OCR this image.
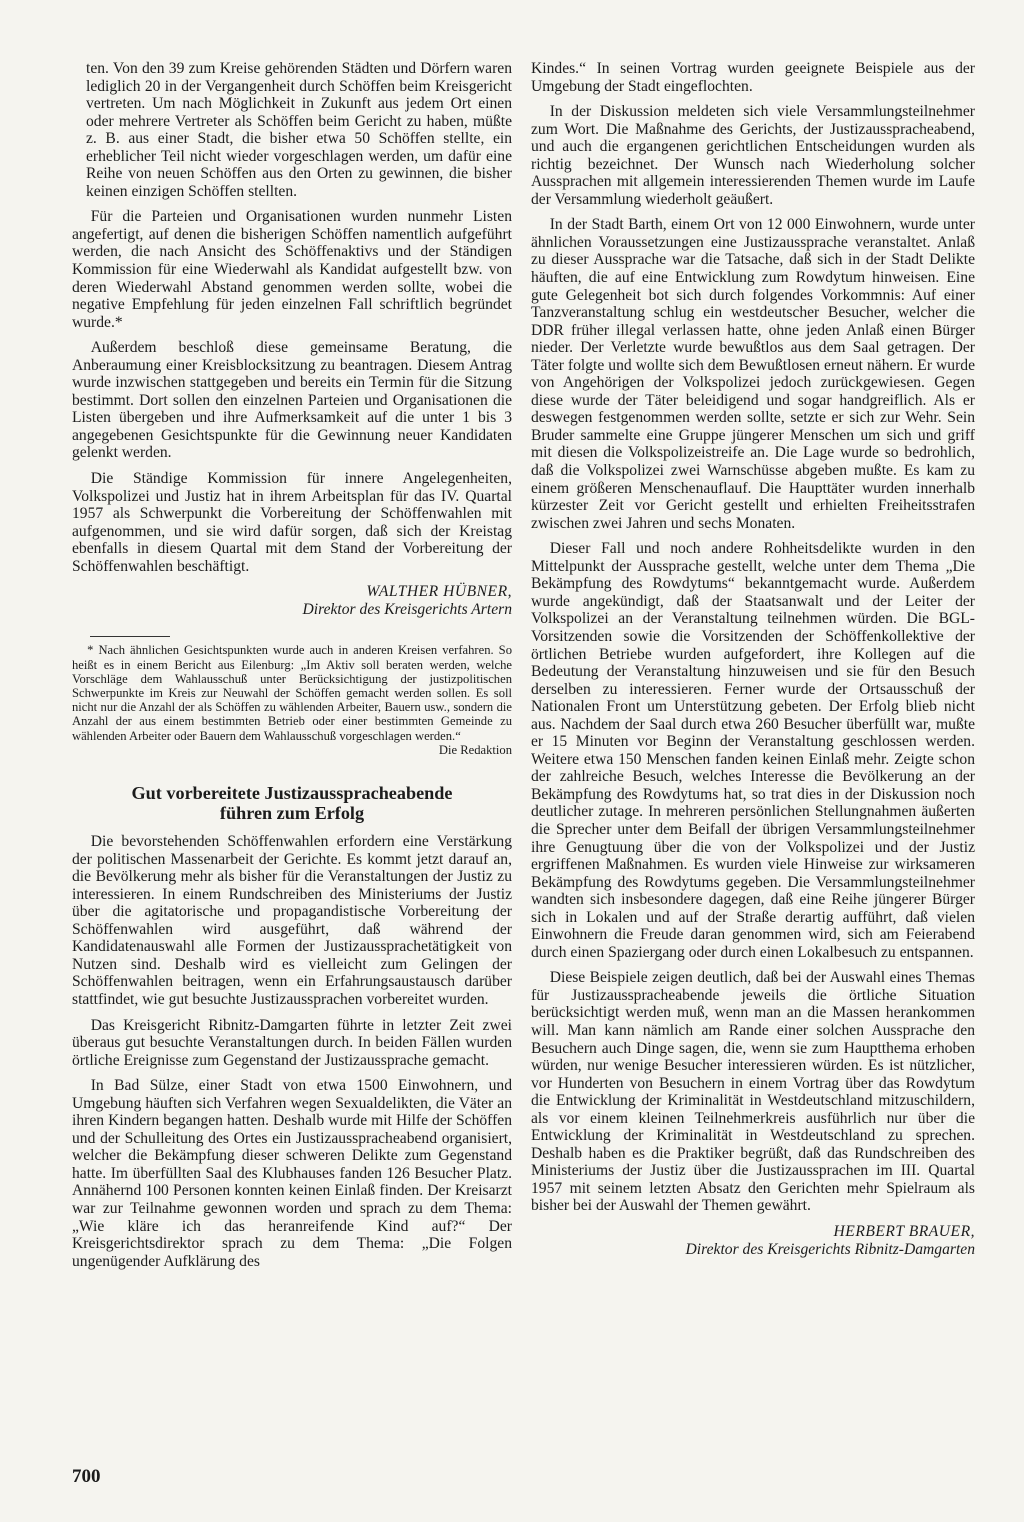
ten. Von den 39 zum Kreise gehörenden Städten und Dörfern waren lediglich 20 in der Vergangenheit durch Schöffen beim Kreisgericht vertreten. Um nach Möglichkeit in Zukunft aus jedem Ort einen oder mehrere Vertreter als Schöffen beim Gericht zu haben, müßte z. B. aus einer Stadt, die bisher etwa 50 Schöffen stellte, ein erheblicher Teil nicht wieder vorgeschlagen werden, um dafür eine Reihe von neuen Schöffen aus den Orten zu gewinnen, die bisher keinen einzigen Schöffen stellten.

Für die Parteien und Organisationen wurden nunmehr Listen angefertigt, auf denen die bisherigen Schöffen namentlich aufgeführt werden, die nach Ansicht des Schöffenaktivs und der Ständigen Kommission für eine Wiederwahl als Kandidat aufgestellt bzw. von deren Wiederwahl Abstand genommen werden sollte, wobei die negative Empfehlung für jeden einzelnen Fall schriftlich begründet wurde.*

Außerdem beschloß diese gemeinsame Beratung, die Anberaumung einer Kreisblocksitzung zu beantragen. Diesem Antrag wurde inzwischen stattgegeben und bereits ein Termin für die Sitzung bestimmt. Dort sollen den einzelnen Parteien und Organisationen die Listen übergeben und ihre Aufmerksamkeit auf die unter 1 bis 3 angegebenen Gesichtspunkte für die Gewinnung neuer Kandidaten gelenkt werden.

Die Ständige Kommission für innere Angelegenheiten, Volkspolizei und Justiz hat in ihrem Arbeitsplan für das IV. Quartal 1957 als Schwerpunkt die Vorbereitung der Schöffenwahlen mit aufgenommen, und sie wird dafür sorgen, daß sich der Kreistag ebenfalls in diesem Quartal mit dem Stand der Vorbereitung der Schöffenwahlen beschäftigt.

WALTHER HÜBNER,
Direktor des Kreisgerichts Artern

* Nach ähnlichen Gesichtspunkten wurde auch in anderen Kreisen verfahren. So heißt es in einem Bericht aus Eilenburg: „Im Aktiv soll beraten werden, welche Vorschläge dem Wahlausschuß unter Berücksichtigung der justizpolitischen Schwerpunkte im Kreis zur Neuwahl der Schöffen gemacht werden sollen. Es soll nicht nur die Anzahl der als Schöffen zu wählenden Arbeiter, Bauern usw., sondern die Anzahl der aus einem bestimmten Betrieb oder einer bestimmten Gemeinde zu wählenden Arbeiter oder Bauern dem Wahlausschuß vorgeschlagen werden.“
Die Redaktion

Gut vorbereitete Justizaussprachеabende
führen zum Erfolg

Die bevorstehenden Schöffenwahlen erfordern eine Verstärkung der politischen Massenarbeit der Gerichte. Es kommt jetzt darauf an, die Bevölkerung mehr als bisher für die Veranstaltungen der Justiz zu interessieren. In einem Rundschreiben des Ministeriums der Justiz über die agitatorische und propagandistische Vorbereitung der Schöffenwahlen wird ausgeführt, daß während der Kandidatenauswahl alle Formen der Justizaussprachetätigkeit von Nutzen sind. Deshalb wird es vielleicht zum Gelingen der Schöffenwahlen beitragen, wenn ein Erfahrungsaustausch darüber stattfindet, wie gut besuchte Justizaussprachen vorbereitet wurden.

Das Kreisgericht Ribnitz-Damgarten führte in letzter Zeit zwei überaus gut besuchte Veranstaltungen durch. In beiden Fällen wurden örtliche Ereignisse zum Gegenstand der Justizaussprache gemacht.

In Bad Sülze, einer Stadt von etwa 1500 Einwohnern, und Umgebung häuften sich Verfahren wegen Sexualdelikten, die Väter an ihren Kindern begangen hatten. Deshalb wurde mit Hilfe der Schöffen und der Schulleitung des Ortes ein Justizaussprachеabend organisiert, welcher die Bekämpfung dieser schweren Delikte zum Gegenstand hatte. Im überfüllten Saal des Klubhauses fanden 126 Besucher Platz. Annähernd 100 Personen konnten keinen Einlaß finden. Der Kreisarzt war zur Teilnahme gewonnen worden und sprach zu dem Thema: „Wie kläre ich das heranreifende Kind auf?“ Der Kreisgerichtsdirektor sprach zu dem Thema: „Die Folgen ungenügender Aufklärung des

Kindes.“ In seinen Vortrag wurden geeignete Beispiele aus der Umgebung der Stadt eingeflochten.

In der Diskussion meldeten sich viele Versammlungsteilnehmer zum Wort. Die Maßnahme des Gerichts, der Justizaussprachеabend, und auch die ergangenen gerichtlichen Entscheidungen wurden als richtig bezeichnet. Der Wunsch nach Wiederholung solcher Aussprachen mit allgemein interessierenden Themen wurde im Laufe der Versammlung wiederholt geäußert.

In der Stadt Barth, einem Ort von 12 000 Einwohnern, wurde unter ähnlichen Voraussetzungen eine Justizaussprache veranstaltet. Anlaß zu dieser Aussprache war die Tatsache, daß sich in der Stadt Delikte häuften, die auf eine Entwicklung zum Rowdytum hinweisen. Eine gute Gelegenheit bot sich durch folgendes Vorkommnis: Auf einer Tanzveranstaltung schlug ein westdeutscher Besucher, welcher die DDR früher illegal verlassen hatte, ohne jeden Anlaß einen Bürger nieder. Der Verletzte wurde bewußtlos aus dem Saal getragen. Der Täter folgte und wollte sich dem Bewußtlosen erneut nähern. Er wurde von Angehörigen der Volkspolizei jedoch zurückgewiesen. Gegen diese wurde der Täter beleidigend und sogar handgreiflich. Als er deswegen festgenommen werden sollte, setzte er sich zur Wehr. Sein Bruder sammelte eine Gruppe jüngerer Menschen um sich und griff mit diesen die Volkspolizeistreife an. Die Lage wurde so bedrohlich, daß die Volkspolizei zwei Warnschüsse abgeben mußte. Es kam zu einem größeren Menschenauflauf. Die Haupttäter wurden innerhalb kürzester Zeit vor Gericht gestellt und erhielten Freiheitsstrafen zwischen zwei Jahren und sechs Monaten.

Dieser Fall und noch andere Rohheitsdelikte wurden in den Mittelpunkt der Aussprache gestellt, welche unter dem Thema „Die Bekämpfung des Rowdytums“ bekanntgemacht wurde. Außerdem wurde angekündigt, daß der Staatsanwalt und der Leiter der Volkspolizei an der Veranstaltung teilnehmen würden. Die BGL-Vorsitzenden sowie die Vorsitzenden der Schöffenkollektive der örtlichen Betriebe wurden aufgefordert, ihre Kollegen auf die Bedeutung der Veranstaltung hinzuweisen und sie für den Besuch derselben zu interessieren. Ferner wurde der Ortsausschuß der Nationalen Front um Unterstützung gebeten. Der Erfolg blieb nicht aus. Nachdem der Saal durch etwa 260 Besucher überfüllt war, mußte er 15 Minuten vor Beginn der Veranstaltung geschlossen werden. Weitere etwa 150 Menschen fanden keinen Einlaß mehr. Zeigte schon der zahlreiche Besuch, welches Interesse die Bevölkerung an der Bekämpfung des Rowdytums hat, so trat dies in der Diskussion noch deutlicher zutage. In mehreren persönlichen Stellungnahmen äußerten die Sprecher unter dem Beifall der übrigen Versammlungsteilnehmer ihre Genugtuung über die von der Volkspolizei und der Justiz ergriffenen Maßnahmen. Es wurden viele Hinweise zur wirksameren Bekämpfung des Rowdytums gegeben. Die Versammlungsteilnehmer wandten sich insbesondere dagegen, daß eine Reihe jüngerer Bürger sich in Lokalen und auf der Straße derartig aufführt, daß vielen Einwohnern die Freude daran genommen wird, sich am Feierabend durch einen Spaziergang oder durch einen Lokalbesuch zu entspannen.

Diese Beispiele zeigen deutlich, daß bei der Auswahl eines Themas für Justizaussprachеabende jeweils die örtliche Situation berücksichtigt werden muß, wenn man an die Massen herankommen will. Man kann nämlich am Rande einer solchen Aussprache den Besuchern auch Dinge sagen, die, wenn sie zum Hauptthema erhoben würden, nur wenige Besucher interessieren würden. Es ist nützlicher, vor Hunderten von Besuchern in einem Vortrag über das Rowdytum die Entwicklung der Kriminalität in Westdeutschland mitzuschildern, als vor einem kleinen Teilnehmerkreis ausführlich nur über die Entwicklung der Kriminalität in Westdeutschland zu sprechen. Deshalb haben es die Praktiker begrüßt, daß das Rundschreiben des Ministeriums der Justiz über die Justizaussprachen im III. Quartal 1957 mit seinem letzten Absatz den Gerichten mehr Spielraum als bisher bei der Auswahl der Themen gewährt.

HERBERT BRAUER,
Direktor des Kreisgerichts Ribnitz-Damgarten
700
